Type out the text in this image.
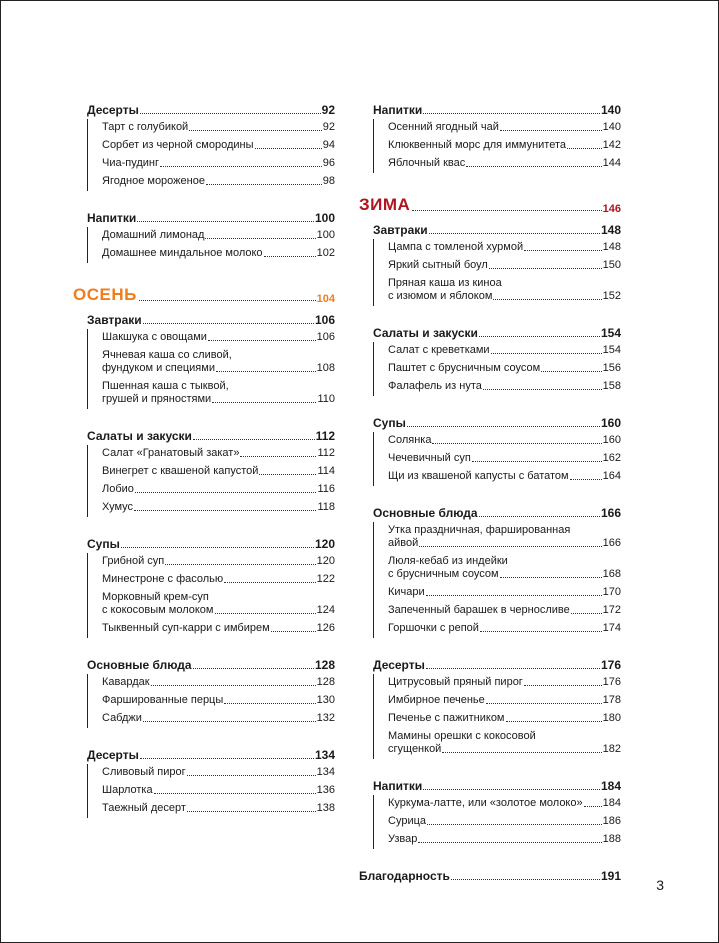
Десерты	92
Тарт с голубикой	92
Сорбет из черной смородины	94
Чиа-пудинг	96
Ягодное мороженое	98
Напитки	100
Домашний лимонад	100
Домашнее миндальное молоко	102
ОСЕНЬ	104
Завтраки	106
Шакшука с овощами	106
Ячневая каша со сливой,
фундуком и специями	108
Пшенная каша с тыквой,
грушей и пряностями	110
Салаты и закуски	112
Салат «Гранатовый закат»	112
Винегрет с квашеной капустой	114
Лобио	116
Хумус	118
Супы	120
Грибной суп	120
Минестроне с фасолью	122
Морковный крем-суп
с кокосовым молоком	124
Тыквенный суп-карри с имбирем	126
Основные блюда	128
Кавардак	128
Фаршированные перцы	130
Сабджи	132
Десерты	134
Сливовый пирог	134
Шарлотка	136
Таежный десерт	138
Напитки	140
Осенний ягодный чай	140
Клюквенный морс для иммунитета	142
Яблочный квас	144
ЗИМА	146
Завтраки	148
Цампа с томленой хурмой	148
Яркий сытный боул	150
Пряная каша из киноа
с изюмом и яблоком	152
Салаты и закуски	154
Салат с креветками	154
Паштет с брусничным соусом	156
Фалафель из нута	158
Супы	160
Солянка	160
Чечевичный суп	162
Щи из квашеной капусты с бататом	164
Основные блюда	166
Утка праздничная, фаршированная
айвой	166
Люля-кебаб из индейки
с брусничным соусом	168
Кичари	170
Запеченный барашек в черносливе	172
Горшочки с репой	174
Десерты	176
Цитрусовый пряный пирог	176
Имбирное печенье	178
Печенье с пажитником	180
Мамины орешки с кокосовой
сгущенкой	182
Напитки	184
Куркума-латте, или «золотое молоко» 184
Сурица	186
Узвар	188
Благодарность	191
3
